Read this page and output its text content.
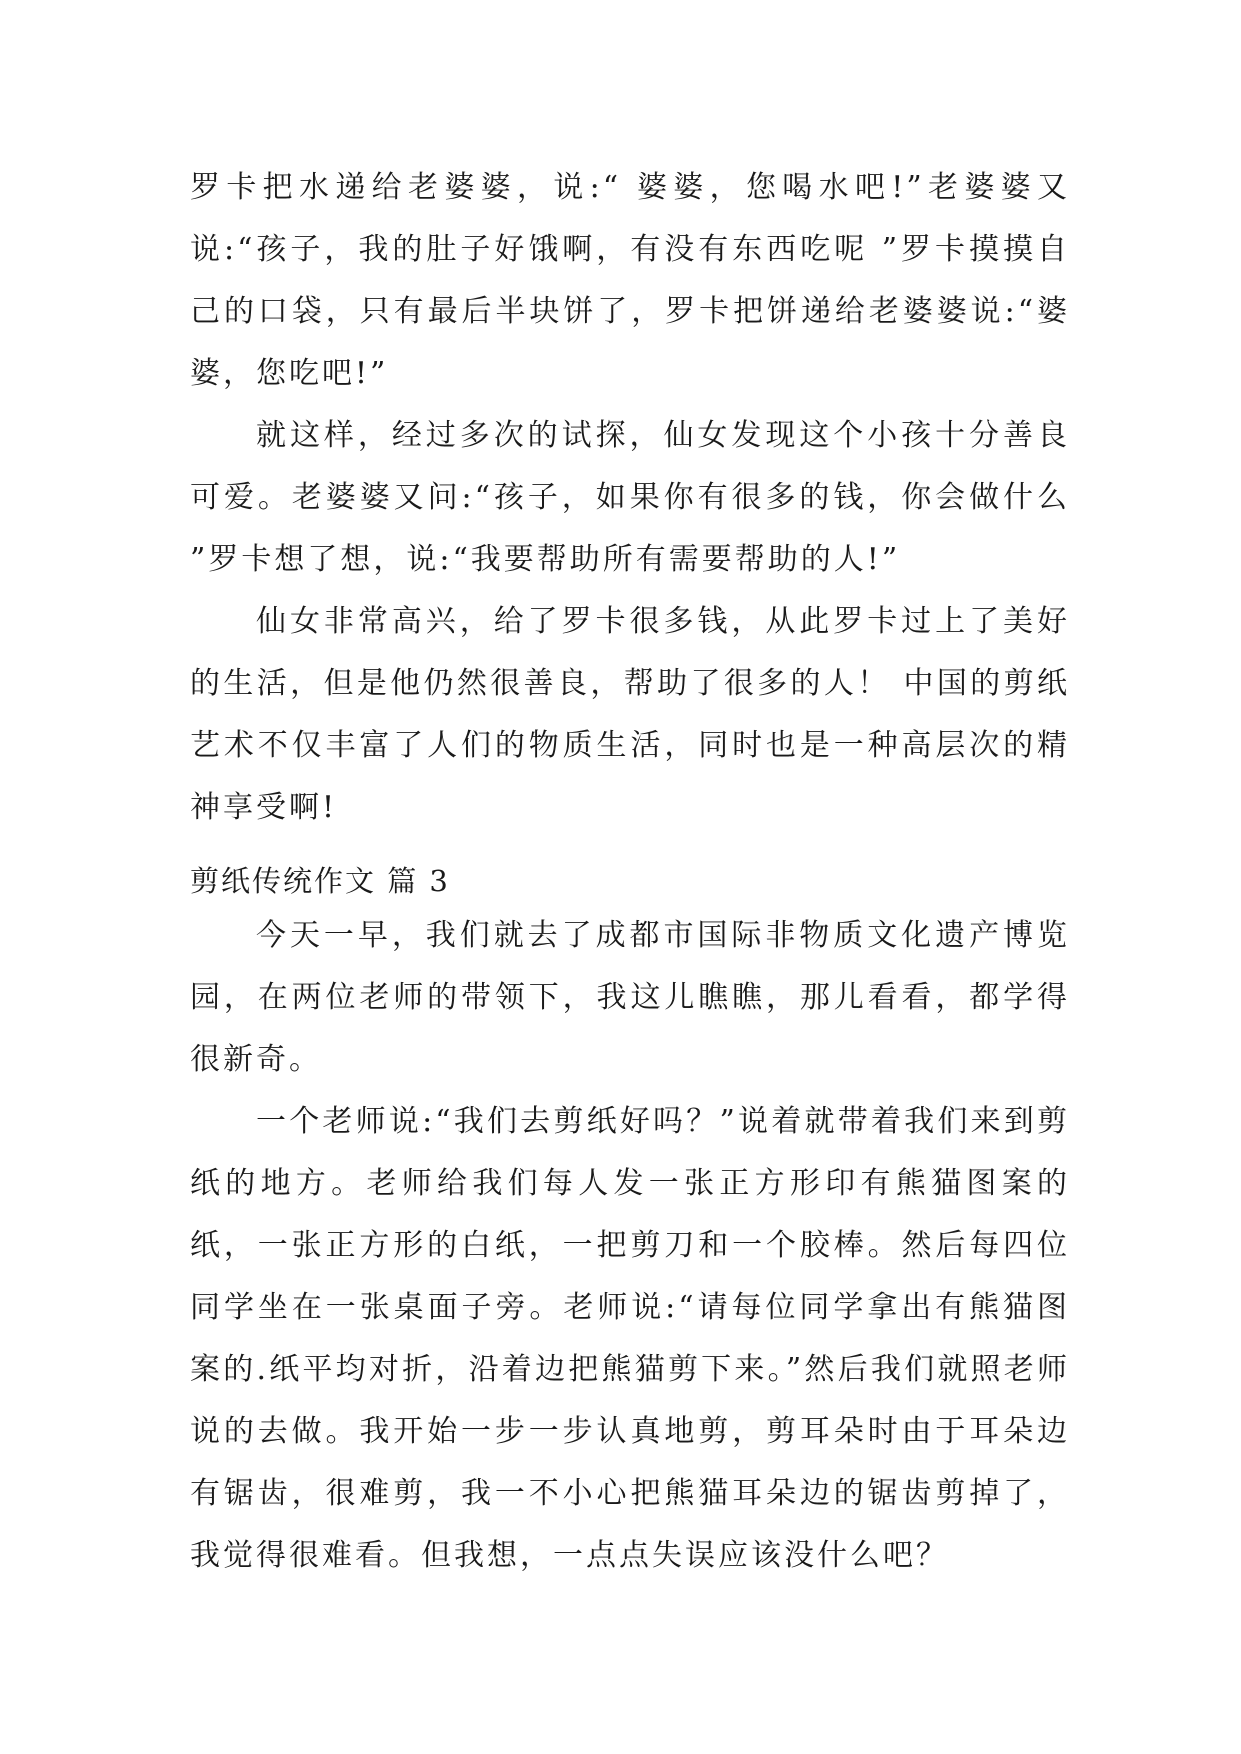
罗卡把水递给老婆婆，说:“ 婆婆，您喝水吧!”老婆婆又说:“孩子，我的肚子好饿啊，有没有东西吃呢 ”罗卡摸摸自己的口袋，只有最后半块饼了，罗卡把饼递给老婆婆说:“婆婆，您吃吧!”

就这样，经过多次的试探，仙女发现这个小孩十分善良可爱。老婆婆又问:“孩子，如果你有很多的钱，你会做什么 ”罗卡想了想，说:“我要帮助所有需要帮助的人!”

仙女非常高兴，给了罗卡很多钱，从此罗卡过上了美好的生活，但是他仍然很善良，帮助了很多的人！ 中国的剪纸艺术不仅丰富了人们的物质生活，同时也是一种高层次的精神享受啊!

剪纸传统作文 篇 3

今天一早，我们就去了成都市国际非物质文化遗产博览园，在两位老师的带领下，我这儿瞧瞧，那儿看看，都学得很新奇。

一个老师说:“我们去剪纸好吗？”说着就带着我们来到剪纸的地方。老师给我们每人发一张正方形印有熊猫图案的纸，一张正方形的白纸，一把剪刀和一个胶棒。然后每四位同学坐在一张桌面子旁。老师说:“请每位同学拿出有熊猫图案的.纸平均对折，沿着边把熊猫剪下来。”然后我们就照老师说的去做。我开始一步一步认真地剪，剪耳朵时由于耳朵边有锯齿，很难剪，我一不小心把熊猫耳朵边的锯齿剪掉了，我觉得很难看。但我想，一点点失误应该没什么吧？
